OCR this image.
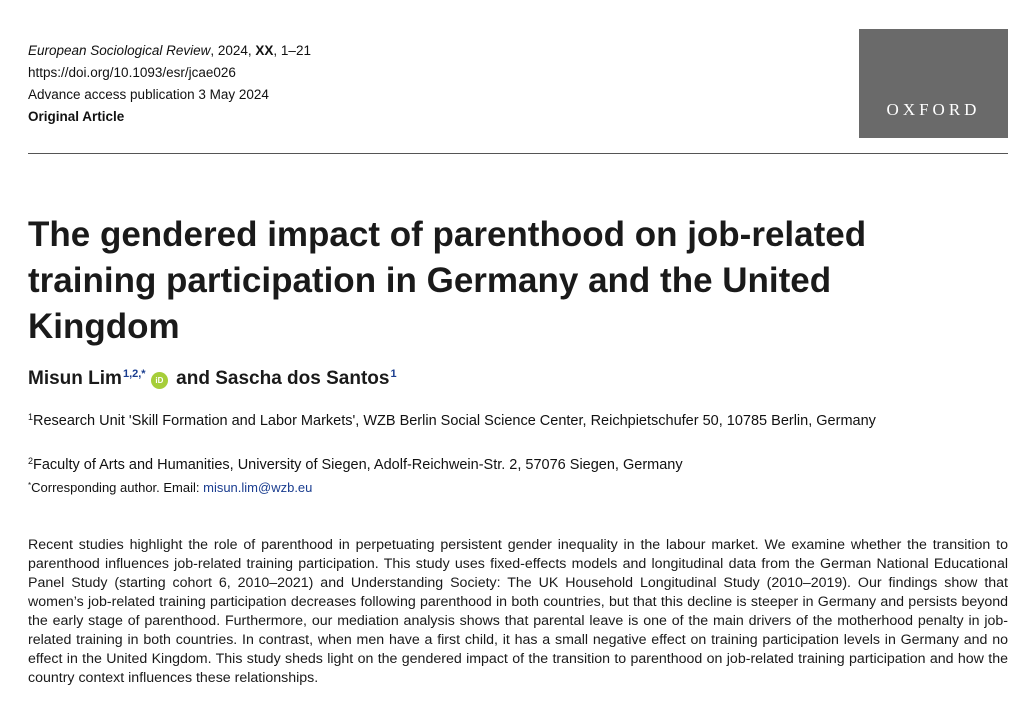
European Sociological Review, 2024, XX, 1–21
https://doi.org/10.1093/esr/jcae026
Advance access publication 3 May 2024
Original Article	OXFORD
The gendered impact of parenthood on job-related training participation in Germany and the United Kingdom
Misun Lim$^{1,2,*}$ iD and Sascha dos Santos$^1$
$^1$Research Unit 'Skill Formation and Labor Markets', WZB Berlin Social Science Center, Reichpietschufer 50, 10785 Berlin, Germany
$^2$Faculty of Arts and Humanities, University of Siegen, Adolf-Reichwein-Str. 2, 57076 Siegen, Germany
*Corresponding author. Email: misun.lim@wzb.eu

Recent studies highlight the role of parenthood in perpetuating persistent gender inequality in the labour market. We examine whether the transition to parenthood influences job-related training participation. This study uses fixed-effects models and longitudinal data from the German National Educational Panel Study (starting cohort 6, 2010–2021) and Understanding Society: The UK Household Longitudinal Study (2010–2019). Our findings show that women’s job-related training participation decreases following parenthood in both countries, but that this decline is steeper in Germany and persists beyond the early stage of parenthood. Furthermore, our mediation analysis shows that parental leave is one of the main drivers of the motherhood penalty in job-related training in both countries. In contrast, when men have a first child, it has a small negative effect on training participation levels in Germany and no effect in the United Kingdom. This study sheds light on the gendered impact of the transition to parenthood on job-related training participation and how the country context influences these relationships.
